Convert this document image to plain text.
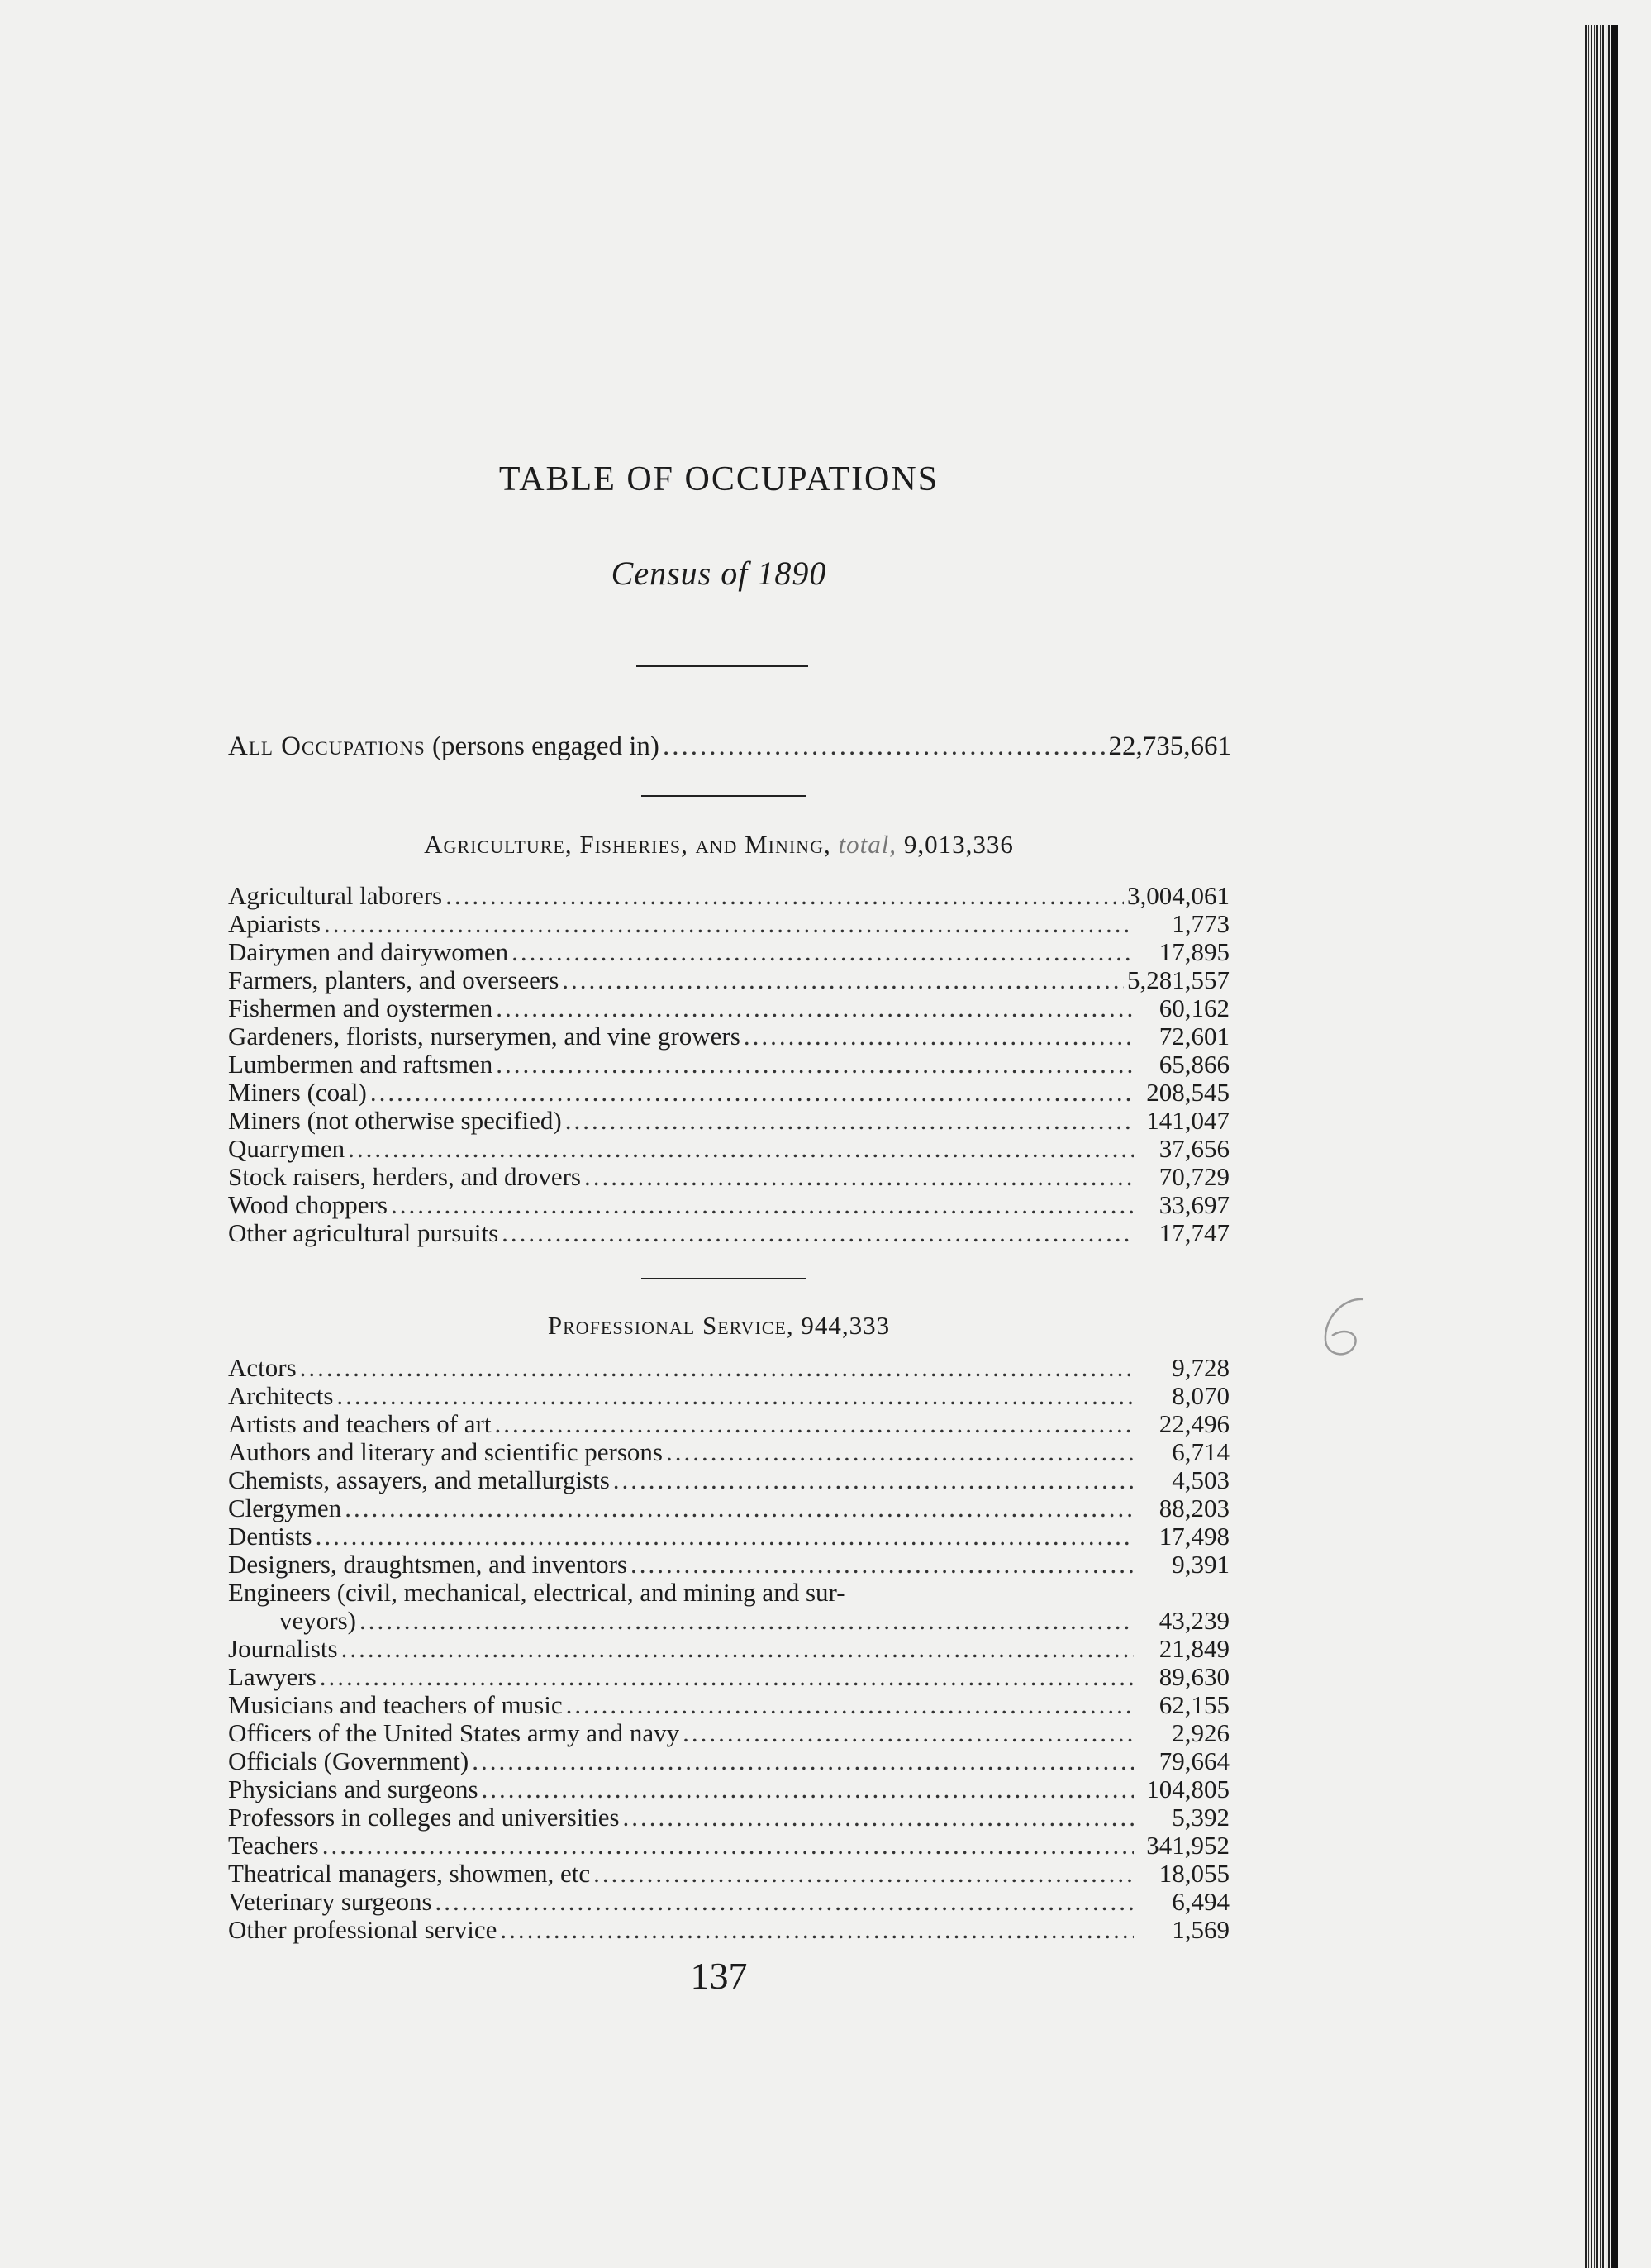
TABLE OF OCCUPATIONS
Census of 1890
All Occupations (persons engaged in) .....	22,735,661
Agriculture, Fisheries, and Mining, total, 9,013,336
Agricultural laborers .....	3,004,061
Apiarists .....	1,773
Dairymen and dairywomen .....	17,895
Farmers, planters, and overseers .....	5,281,557
Fishermen and oystermen .....	60,162
Gardeners, florists, nurserymen, and vine growers .....	72,601
Lumbermen and raftsmen .....	65,866
Miners (coal) .....	208,545
Miners (not otherwise specified) .....	141,047
Quarrymen .....	37,656
Stock raisers, herders, and drovers .....	70,729
Wood choppers .....	33,697
Other agricultural pursuits .....	17,747
Professional Service, 944,333
Actors .....	9,728
Architects .....	8,070
Artists and teachers of art .....	22,496
Authors and literary and scientific persons .....	6,714
Chemists, assayers, and metallurgists .....	4,503
Clergymen .....	88,203
Dentists .....	17,498
Designers, draughtsmen, and inventors .....	9,391
Engineers (civil, mechanical, electrical, and mining and sur-
veyors) .....	43,239
Journalists .....	21,849
Lawyers .....	89,630
Musicians and teachers of music .....	62,155
Officers of the United States army and navy .....	2,926
Officials (Government) .....	79,664
Physicians and surgeons .....	104,805
Professors in colleges and universities .....	5,392
Teachers .....	341,952
Theatrical managers, showmen, etc .....	18,055
Veterinary surgeons .....	6,494
Other professional service .....	1,569
137
